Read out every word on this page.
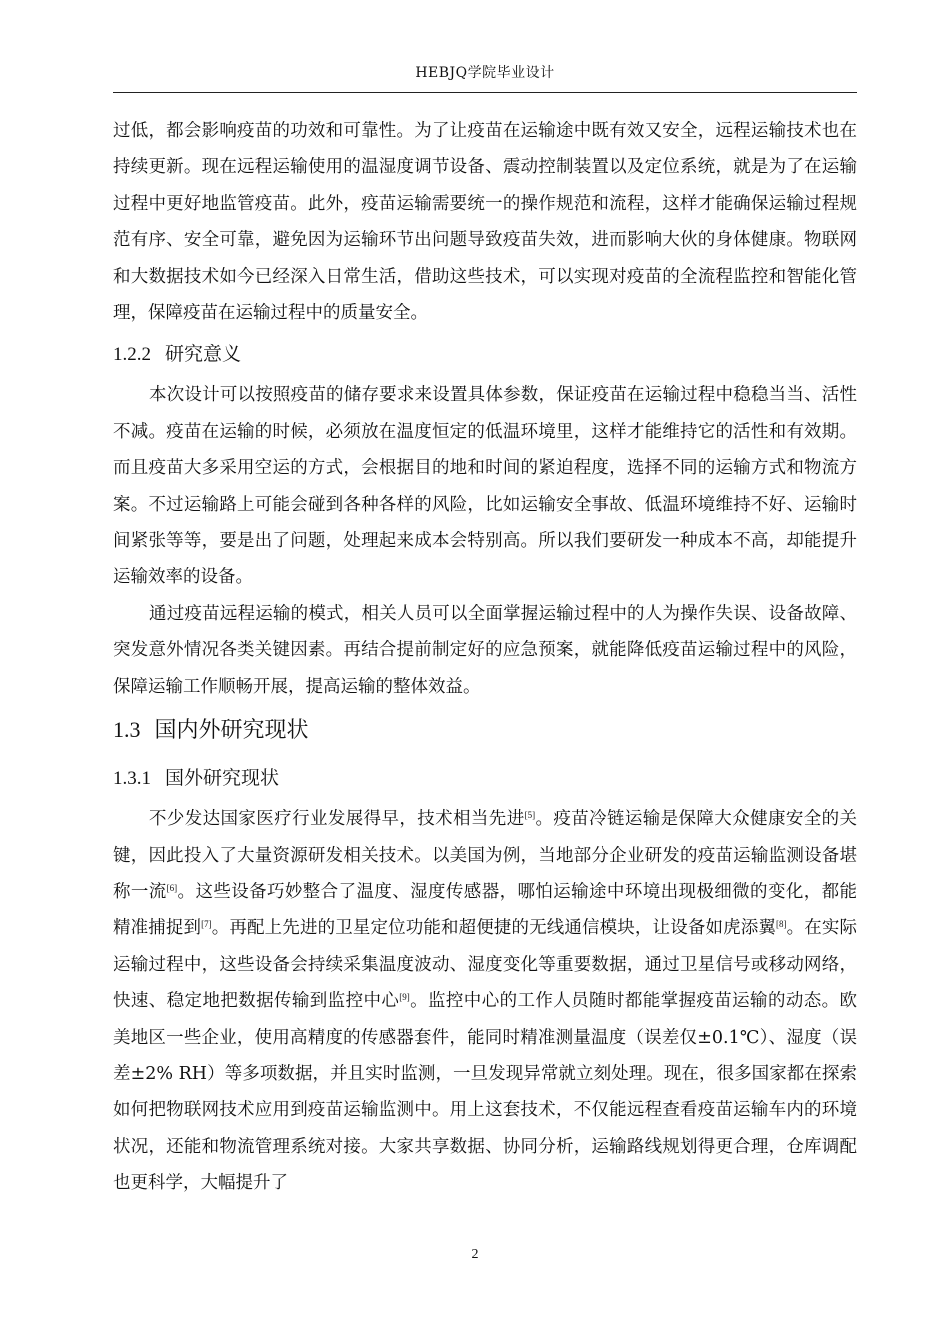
HEBJQ学院毕业设计

过低，都会影响疫苗的功效和可靠性。为了让疫苗在运输途中既有效又安全，远程运输技术也在持续更新。现在远程运输使用的温湿度调节设备、震动控制装置以及定位系统，就是为了在运输过程中更好地监管疫苗。此外，疫苗运输需要统一的操作规范和流程，这样才能确保运输过程规范有序、安全可靠，避免因为运输环节出问题导致疫苗失效，进而影响大伙的身体健康。物联网和大数据技术如今已经深入日常生活，借助这些技术，可以实现对疫苗的全流程监控和智能化管理，保障疫苗在运输过程中的质量安全。

1.2.2 研究意义

本次设计可以按照疫苗的储存要求来设置具体参数，保证疫苗在运输过程中稳稳当当、活性不减。疫苗在运输的时候，必须放在温度恒定的低温环境里，这样才能维持它的活性和有效期。而且疫苗大多采用空运的方式，会根据目的地和时间的紧迫程度，选择不同的运输方式和物流方案。不过运输路上可能会碰到各种各样的风险，比如运输安全事故、低温环境维持不好、运输时间紧张等等，要是出了问题，处理起来成本会特别高。所以我们要研发一种成本不高，却能提升运输效率的设备。

通过疫苗远程运输的模式，相关人员可以全面掌握运输过程中的人为操作失误、设备故障、突发意外情况各类关键因素。再结合提前制定好的应急预案，就能降低疫苗运输过程中的风险，保障运输工作顺畅开展，提高运输的整体效益。

1.3 国内外研究现状
1.3.1 国外研究现状

不少发达国家医疗行业发展得早，技术相当先进[5]。疫苗冷链运输是保障大众健康安全的关键，因此投入了大量资源研发相关技术。以美国为例，当地部分企业研发的疫苗运输监测设备堪称一流[6]。这些设备巧妙整合了温度、湿度传感器，哪怕运输途中环境出现极细微的变化，都能精准捕捉到[7]。再配上先进的卫星定位功能和超便捷的无线通信模块，让设备如虎添翼[8]。在实际运输过程中，这些设备会持续采集温度波动、湿度变化等重要数据，通过卫星信号或移动网络，快速、稳定地把数据传输到监控中心[9]。监控中心的工作人员随时都能掌握疫苗运输的动态。欧美地区一些企业，使用高精度的传感器套件，能同时精准测量温度（误差仅±0.1℃）、湿度（误差±2% RH）等多项数据，并且实时监测，一旦发现异常就立刻处理。现在，很多国家都在探索如何把物联网技术应用到疫苗运输监测中。用上这套技术，不仅能远程查看疫苗运输车内的环境状况，还能和物流管理系统对接。大家共享数据、协同分析，运输路线规划得更合理，仓库调配也更科学，大幅提升了

2
